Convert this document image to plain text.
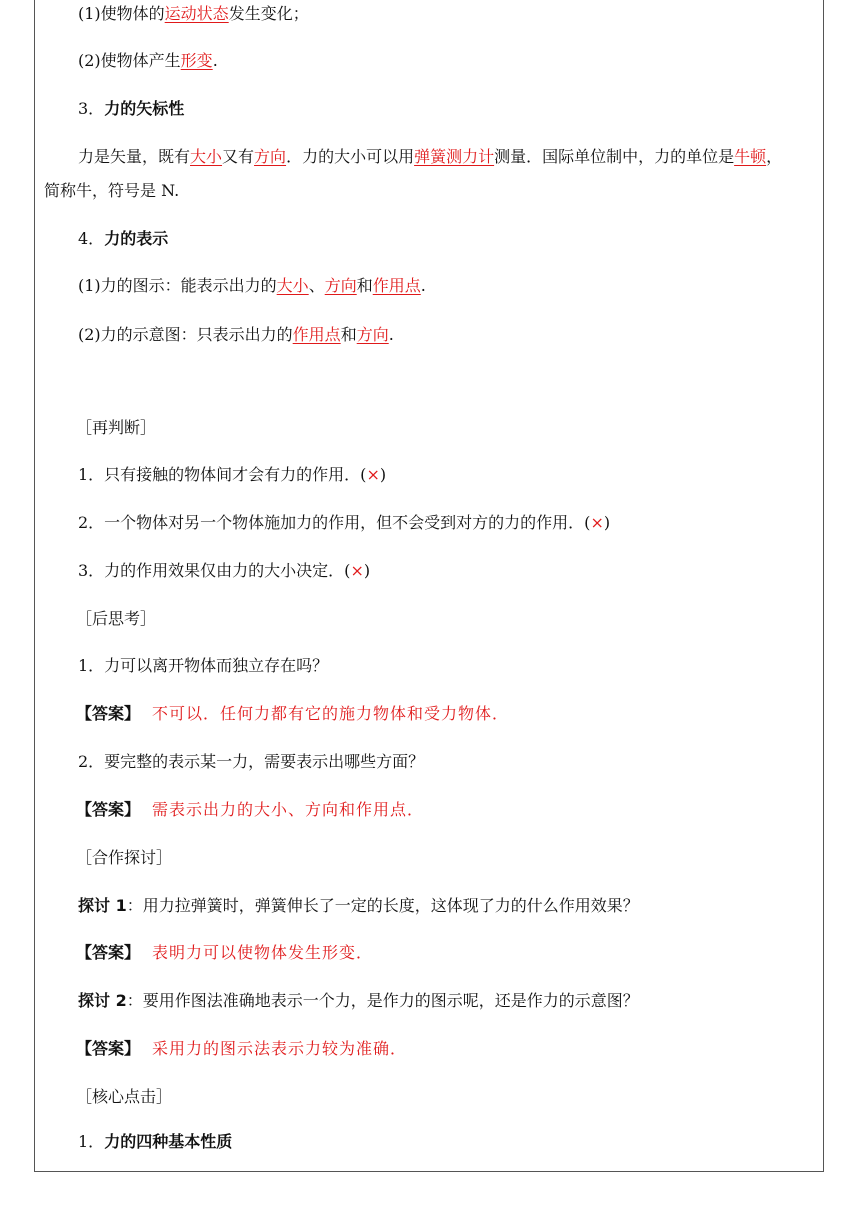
(1)使物体的运动状态发生变化；
(2)使物体产生形变.
3．力的矢标性
力是矢量，既有大小又有方向．力的大小可以用弹簧测力计测量．国际单位制中，力的单位是牛顿，
简称牛，符号是 N.
4．力的表示
(1)力的图示：能表示出力的大小、方向和作用点.
(2)力的示意图：只表示出力的作用点和方向.
［再判断］
1．只有接触的物体间才会有力的作用．(×)
2．一个物体对另一个物体施加力的作用，但不会受到对方的力的作用．(×)
3．力的作用效果仅由力的大小决定．(×)
［后思考］
1．力可以离开物体而独立存在吗？
【答案】 不可以．任何力都有它的施力物体和受力物体．
2．要完整的表示某一力，需要表示出哪些方面？
【答案】 需表示出力的大小、方向和作用点．
［合作探讨］
探讨 1：用力拉弹簧时，弹簧伸长了一定的长度，这体现了力的什么作用效果？
【答案】 表明力可以使物体发生形变．
探讨 2：要用作图法准确地表示一个力，是作力的图示呢，还是作力的示意图？
【答案】 采用力的图示法表示力较为准确．
［核心点击］
1．力的四种基本性质
